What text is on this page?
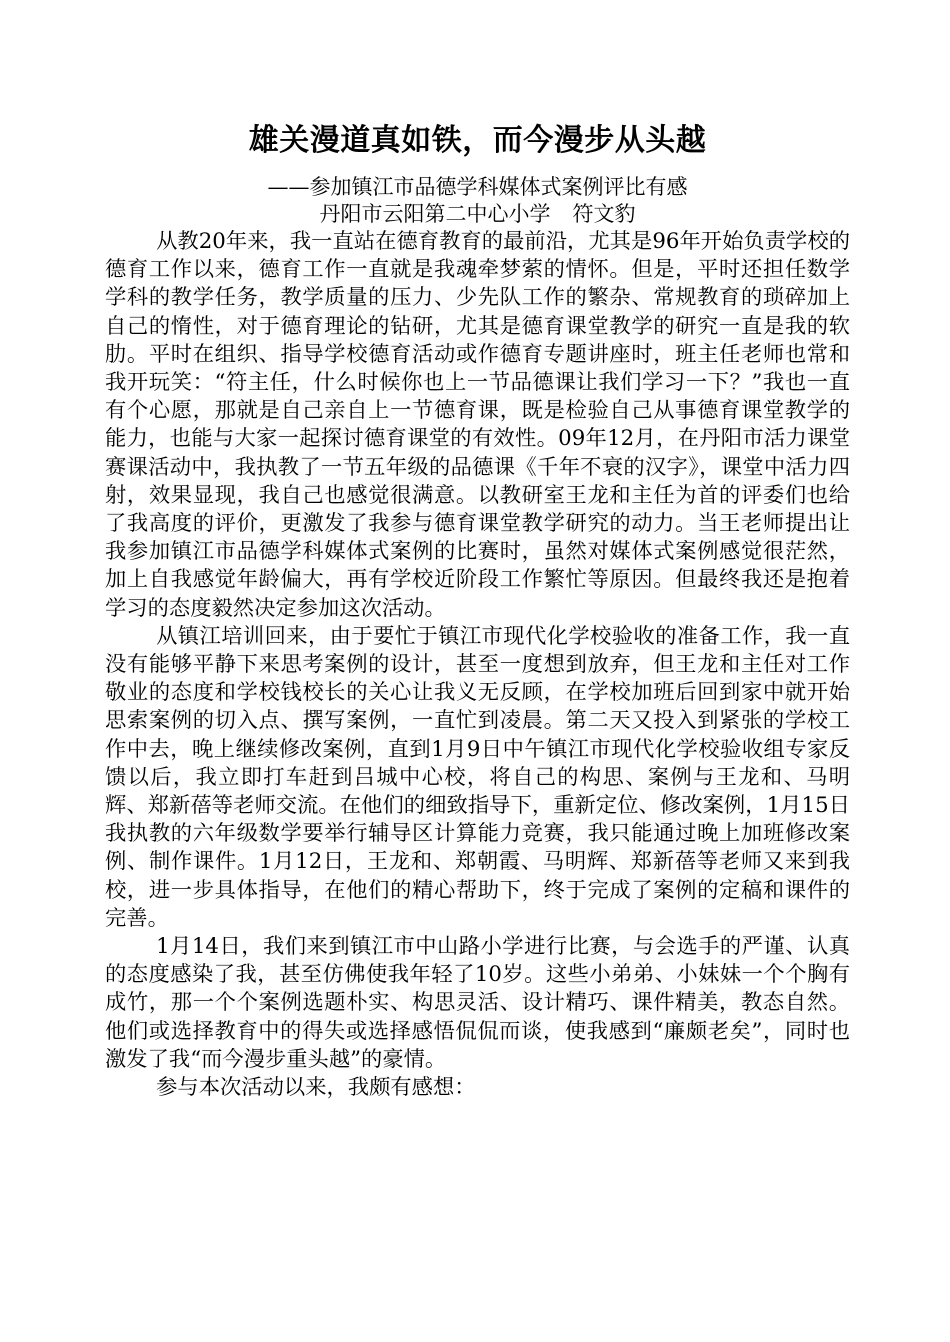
雄关漫道真如铁，而今漫步从头越

——参加镇江市品德学科媒体式案例评比有感

丹阳市云阳第二中心小学 符文豹

从教20年来，我一直站在德育教育的最前沿，尤其是96年开始负责学校的德育工作以来，德育工作一直就是我魂牵梦萦的情怀。但是，平时还担任数学学科的教学任务，教学质量的压力、少先队工作的繁杂、常规教育的琐碎加上自己的惰性，对于德育理论的钻研，尤其是德育课堂教学的研究一直是我的软肋。平时在组织、指导学校德育活动或作德育专题讲座时，班主任老师也常和我开玩笑：“符主任，什么时候你也上一节品德课让我们学习一下？”我也一直有个心愿，那就是自己亲自上一节德育课，既是检验自己从事德育课堂教学的能力，也能与大家一起探讨德育课堂的有效性。09年12月，在丹阳市活力课堂赛课活动中，我执教了一节五年级的品德课《千年不衰的汉字》，课堂中活力四射，效果显现，我自己也感觉很满意。以教研室王龙和主任为首的评委们也给了我高度的评价，更激发了我参与德育课堂教学研究的动力。当王老师提出让我参加镇江市品德学科媒体式案例的比赛时，虽然对媒体式案例感觉很茫然，加上自我感觉年龄偏大，再有学校近阶段工作繁忙等原因。但最终我还是抱着学习的态度毅然决定参加这次活动。

从镇江培训回来，由于要忙于镇江市现代化学校验收的准备工作，我一直没有能够平静下来思考案例的设计，甚至一度想到放弃，但王龙和主任对工作敬业的态度和学校钱校长的关心让我义无反顾，在学校加班后回到家中就开始思索案例的切入点、撰写案例，一直忙到凌晨。第二天又投入到紧张的学校工作中去，晚上继续修改案例，直到1月9日中午镇江市现代化学校验收组专家反馈以后，我立即打车赶到吕城中心校，将自己的构思、案例与王龙和、马明辉、郑新蓓等老师交流。在他们的细致指导下，重新定位、修改案例，1月15日我执教的六年级数学要举行辅导区计算能力竞赛，我只能通过晚上加班修改案例、制作课件。1月12日，王龙和、郑朝霞、马明辉、郑新蓓等老师又来到我校，进一步具体指导，在他们的精心帮助下，终于完成了案例的定稿和课件的完善。

1月14日，我们来到镇江市中山路小学进行比赛，与会选手的严谨、认真的态度感染了我，甚至仿佛使我年轻了10岁。这些小弟弟、小妹妹一个个胸有成竹，那一个个案例选题朴实、构思灵活、设计精巧、课件精美，教态自然。他们或选择教育中的得失或选择感悟侃侃而谈，使我感到“廉颇老矣”，同时也激发了我“而今漫步重头越”的豪情。

参与本次活动以来，我颇有感想：
